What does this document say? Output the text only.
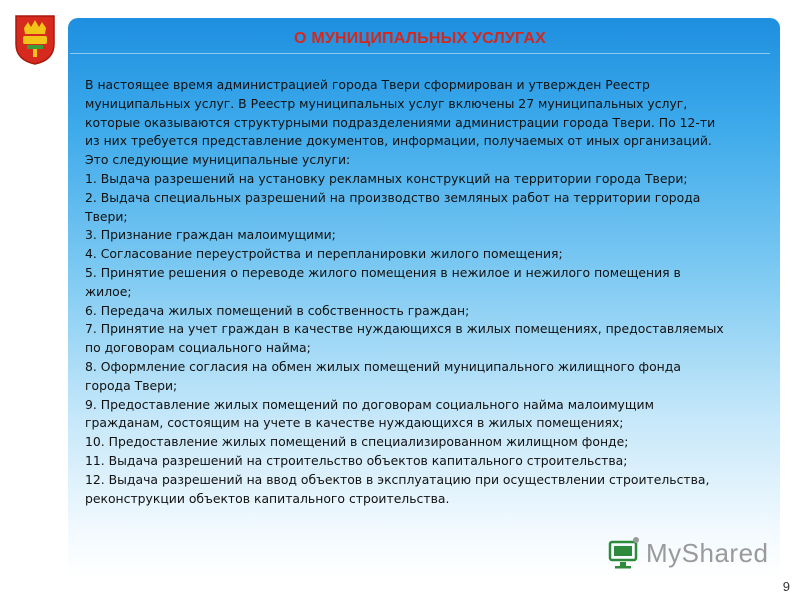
О МУНИЦИПАЛЬНЫХ УСЛУГАХ

В настоящее время администрацией города Твери сформирован и утвержден Реестр муниципальных услуг. В Реестр муниципальных услуг включены 27 муниципальных услуг, которые оказываются структурными подразделениями администрации города Твери. По 12-ти из них требуется представление документов, информации, получаемых от иных организаций. Это следующие муниципальные услуги:

1. Выдача разрешений на установку рекламных конструкций на территории города Твери;

2. Выдача специальных разрешений на производство земляных работ на территории города Твери;

3. Признание граждан малоимущими;

4. Согласование переустройства и перепланировки жилого помещения;

5. Принятие решения о переводе жилого помещения в нежилое и нежилого помещения в жилое;

6. Передача жилых помещений в собственность граждан;

7. Принятие на учет граждан в качестве нуждающихся в жилых помещениях, предоставляемых по договорам социального найма;

8. Оформление согласия на обмен жилых помещений муниципального жилищного фонда города Твери;

9. Предоставление жилых помещений по договорам социального найма малоимущим гражданам, состоящим на учете в качестве нуждающихся в жилых помещениях;

10. Предоставление жилых помещений в специализированном жилищном фонде;

11. Выдача разрешений на строительство объектов капитального строительства;

12. Выдача разрешений на ввод объектов в эксплуатацию при осуществлении строительства, реконструкции объектов капитального строительства.

MyShared
9
